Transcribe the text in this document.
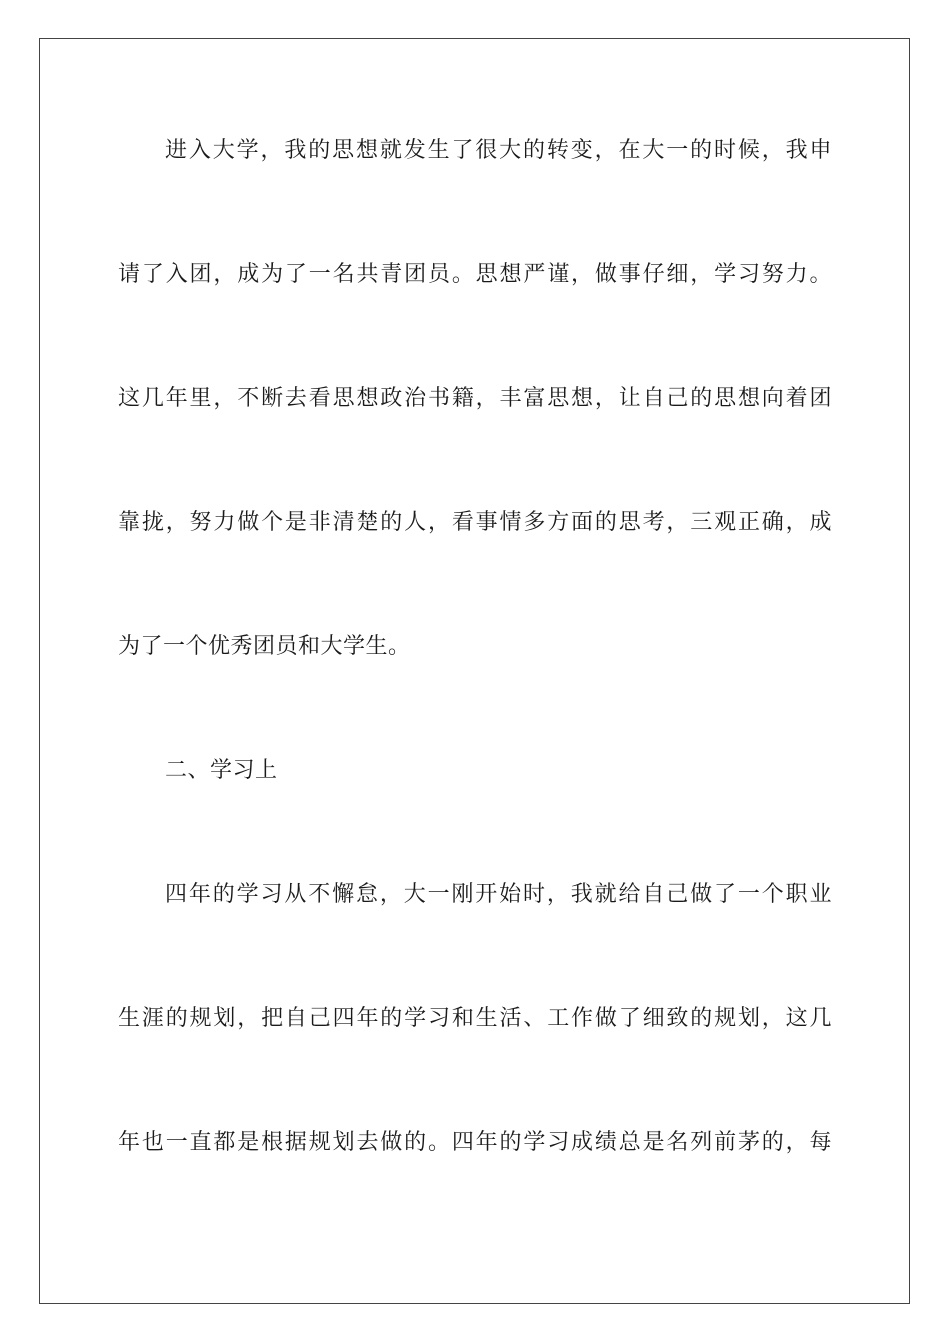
进入大学，我的思想就发生了很大的转变，在大一的时候，我申
请了入团，成为了一名共青团员。思想严谨，做事仔细，学习努力。
这几年里，不断去看思想政治书籍，丰富思想，让自己的思想向着团
靠拢，努力做个是非清楚的人，看事情多方面的思考，三观正确，成
为了一个优秀团员和大学生。
二、学习上
四年的学习从不懈怠，大一刚开始时，我就给自己做了一个职业
生涯的规划，把自己四年的学习和生活、工作做了细致的规划，这几
年也一直都是根据规划去做的。四年的学习成绩总是名列前茅的，每
